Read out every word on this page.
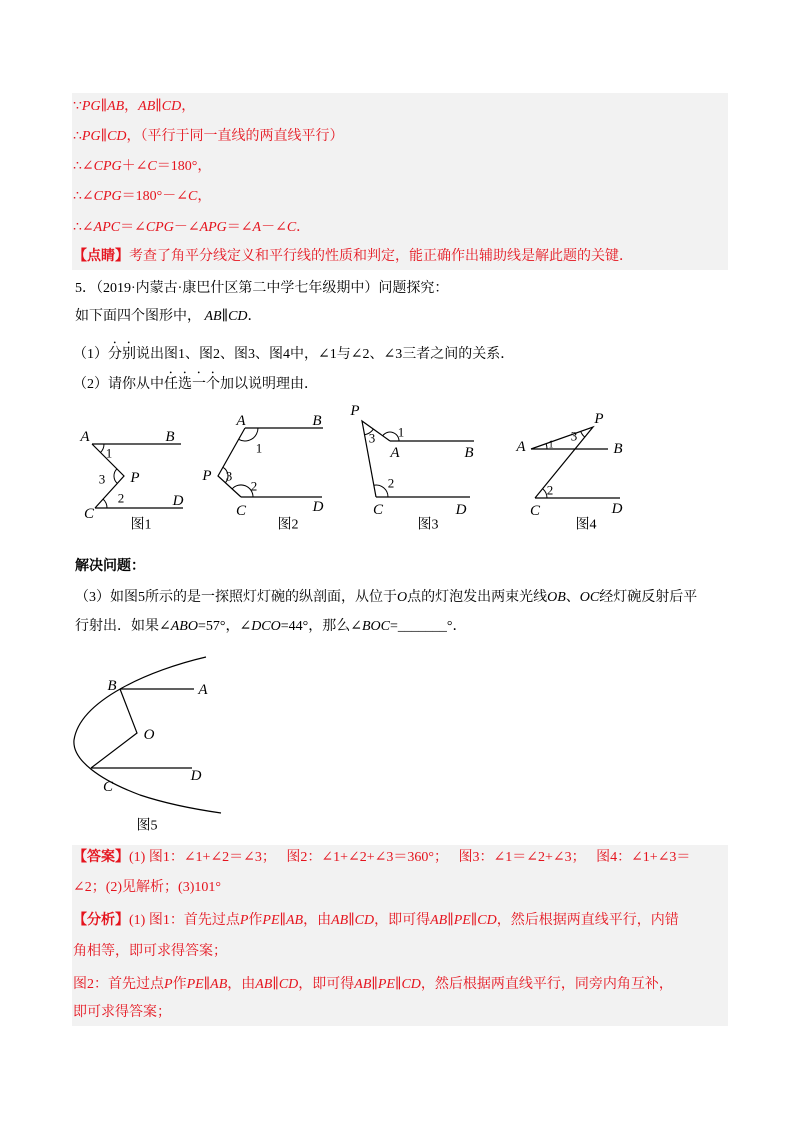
∵PG∥AB，AB∥CD，
∴PG∥CD，（平行于同一直线的两直线平行）
∴∠CPG＋∠C＝180°，
∴∠CPG＝180°－∠C，
∴∠APC＝∠CPG－∠APG＝∠A－∠C．
【点睛】考查了角平分线定义和平行线的性质和判定，能正确作出辅助线是解此题的关键．
5．（2019·内蒙古·康巴什区第二中学七年级期中）问题探究：
如下面四个图形中， AB∥CD．
（1）分别说出图1、图2、图3、图4中，∠1与∠2、∠3三者之间的关系．
（2）请你从中任选一个加以说明理由．
A	B
P
C
D
1
3
2
图1
A	B
P
C	D
1
3
2
图2
P
A	B
C	D
1
3
2
图3
P
A	B
C	D
1
3
2
图4
解决问题：
（3）如图5所示的是一探照灯灯碗的纵剖面，从位于O点的灯泡发出两束光线OB、OC经灯碗反射后平
行射出．如果∠ABO=57°，∠DCO=44°，那么∠BOC=_______°．
B	A
O
C
D
图5
【答案】(1) 图1：∠1+∠2＝∠3；   图2：∠1+∠2+∠3＝360°；   图3：∠1＝∠2+∠3；   图4：∠1+∠3＝
∠2；(2)见解析；(3)101°
【分析】(1) 图1：首先过点P作PE∥AB，由AB∥CD，即可得AB∥PE∥CD，然后根据两直线平行，内错
角相等，即可求得答案；
图2：首先过点P作PE∥AB，由AB∥CD，即可得AB∥PE∥CD，然后根据两直线平行，同旁内角互补，
即可求得答案；
